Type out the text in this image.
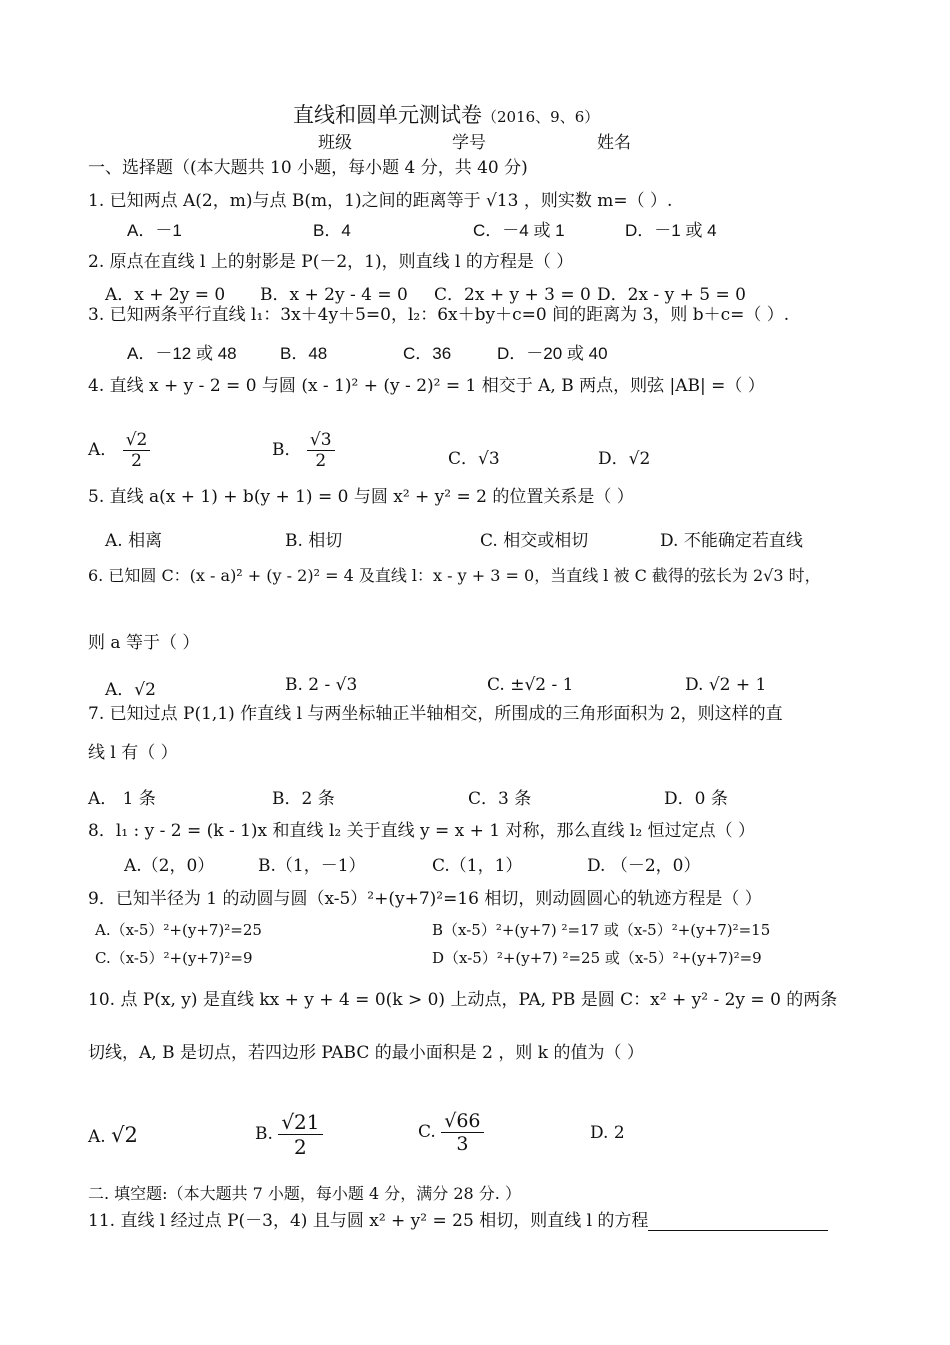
直线和圆单元测试卷（2016、9、6）
班级	学号	姓名
一、选择题（(本大题共 10 小题，每小题 4 分，共 40 分)
1. 已知两点 A(2，m)与点 B(m，1)之间的距离等于 √13 ，则实数 m=（ ）.
A．－1	B．4	C．－4 或 1	D．－1 或 4
2. 原点在直线 l 上的射影是 P(－2，1)，则直线 l 的方程是（ ）
A．x + 2y = 0 B．x + 2y - 4 = 0 C．2x + y + 3 = 0 D．2x - y + 5 = 0
3. 已知两条平行直线 l₁：3x＋4y＋5=0，l₂：6x＋by＋c=0 间的距离为 3，则 b＋c=（ ）.
A．－12 或 48	B．48	C．36	D．－20 或 40
4. 直线 x + y - 2 = 0 与圆 (x - 1)² + (y - 2)² = 1 相交于 A, B 两点，则弦 |AB| =（ ）
A． $\frac{√2}{2}$	B． $\frac{√3}{2}$	C．√3	D．√2
5. 直线 a(x + 1) + b(y + 1) = 0 与圆 x² + y² = 2 的位置关系是（ ）
A. 相离	B. 相切	C. 相交或相切	D. 不能确定若直线
6. 已知圆 C：(x - a)² + (y - 2)² = 4 及直线 l：x - y + 3 = 0，当直线 l 被 C 截得的弦长为 2√3 时，
则 a 等于（ ）
A．√2	B. 2 - √3	C. ±√2 - 1	D. √2 + 1
7. 已知过点 P(1,1) 作直线 l 与两坐标轴正半轴相交，所围成的三角形面积为 2，则这样的直
线 l 有（ ）
A． 1 条	B．2 条	C．3 条	D．0 条
8．l₁ : y - 2 = (k - 1)x 和直线 l₂ 关于直线 y = x + 1 对称，那么直线 l₂ 恒过定点（ ）
A.（2，0）	B.（1，－1）	C.（1，1）	D. （－2，0）
9．已知半径为 1 的动圆与圆（x-5）²+(y+7)²=16 相切，则动圆圆心的轨迹方程是（ ）
A.（x-5）²+(y+7)²=25	B（x-5）²+(y+7) ²=17 或（x-5）²+(y+7)²=15
C.（x-5）²+(y+7)²=9	D（x-5）²+(y+7) ²=25 或（x-5）²+(y+7)²=9
10. 点 P(x, y) 是直线 kx + y + 4 = 0(k > 0) 上动点，PA, PB 是圆 C：x² + y² - 2y = 0 的两条
切线，A, B 是切点，若四边形 PABC 的最小面积是 2 ，则 k 的值为（ ）
A. √2	B. $\frac{√21}{2}$	C. $\frac{√66}{3}$	D. 2
二. 填空题:（本大题共 7 小题，每小题 4 分，满分 28 分. ）
11. 直线 l 经过点 P(－3，4) 且与圆 x² + y² = 25 相切，则直线 l 的方程
